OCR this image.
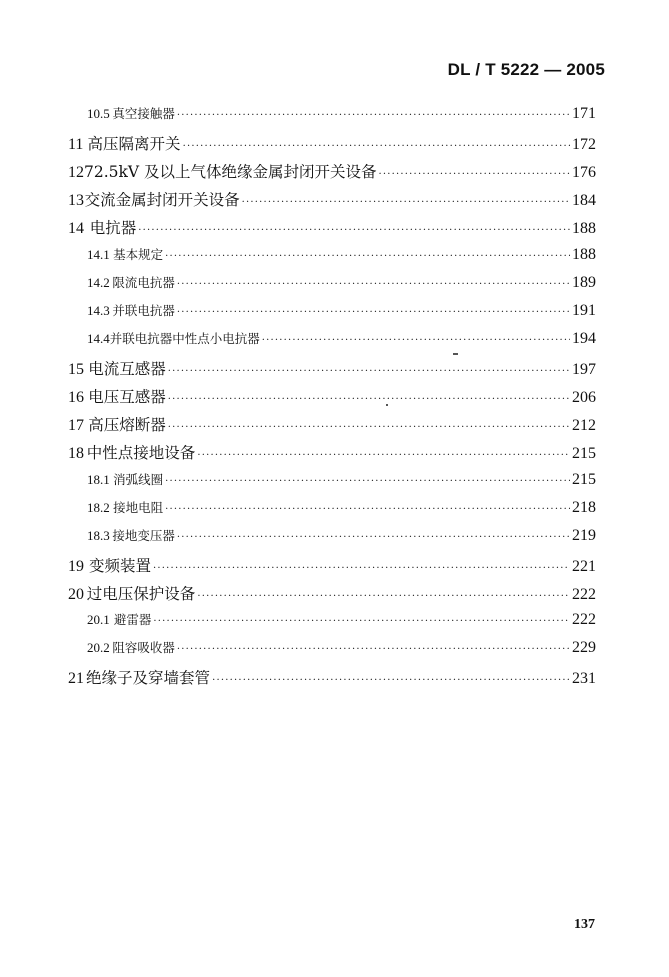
DL / T 5222 — 2005
10.5 真空接触器 ·····	171
11 高压隔离开关 ·····	172
12 72.5kV 及以上气体绝缘金属封闭开关设备 ·····	176
13 交流金属封闭开关设备 ·····	184
14 电抗器 ·····	188
14.1 基本规定 ·····	188
14.2 限流电抗器 ·····	189
14.3 并联电抗器 ·····	191
14.4 并联电抗器中性点小电抗器 ·····	194
15 电流互感器 ·····	197
16 电压互感器 ·····	206
17 高压熔断器 ·····	212
18 中性点接地设备 ·····	215
18.1 消弧线圈 ·····	215
18.2 接地电阻 ·····	218
18.3 接地变压器 ·····	219
19 变频装置 ·····	221
20 过电压保护设备 ·····	222
20.1 避雷器 ·····	222
20.2 阻容吸收器 ·····	229
21 绝缘子及穿墙套管 ·····	231
137
